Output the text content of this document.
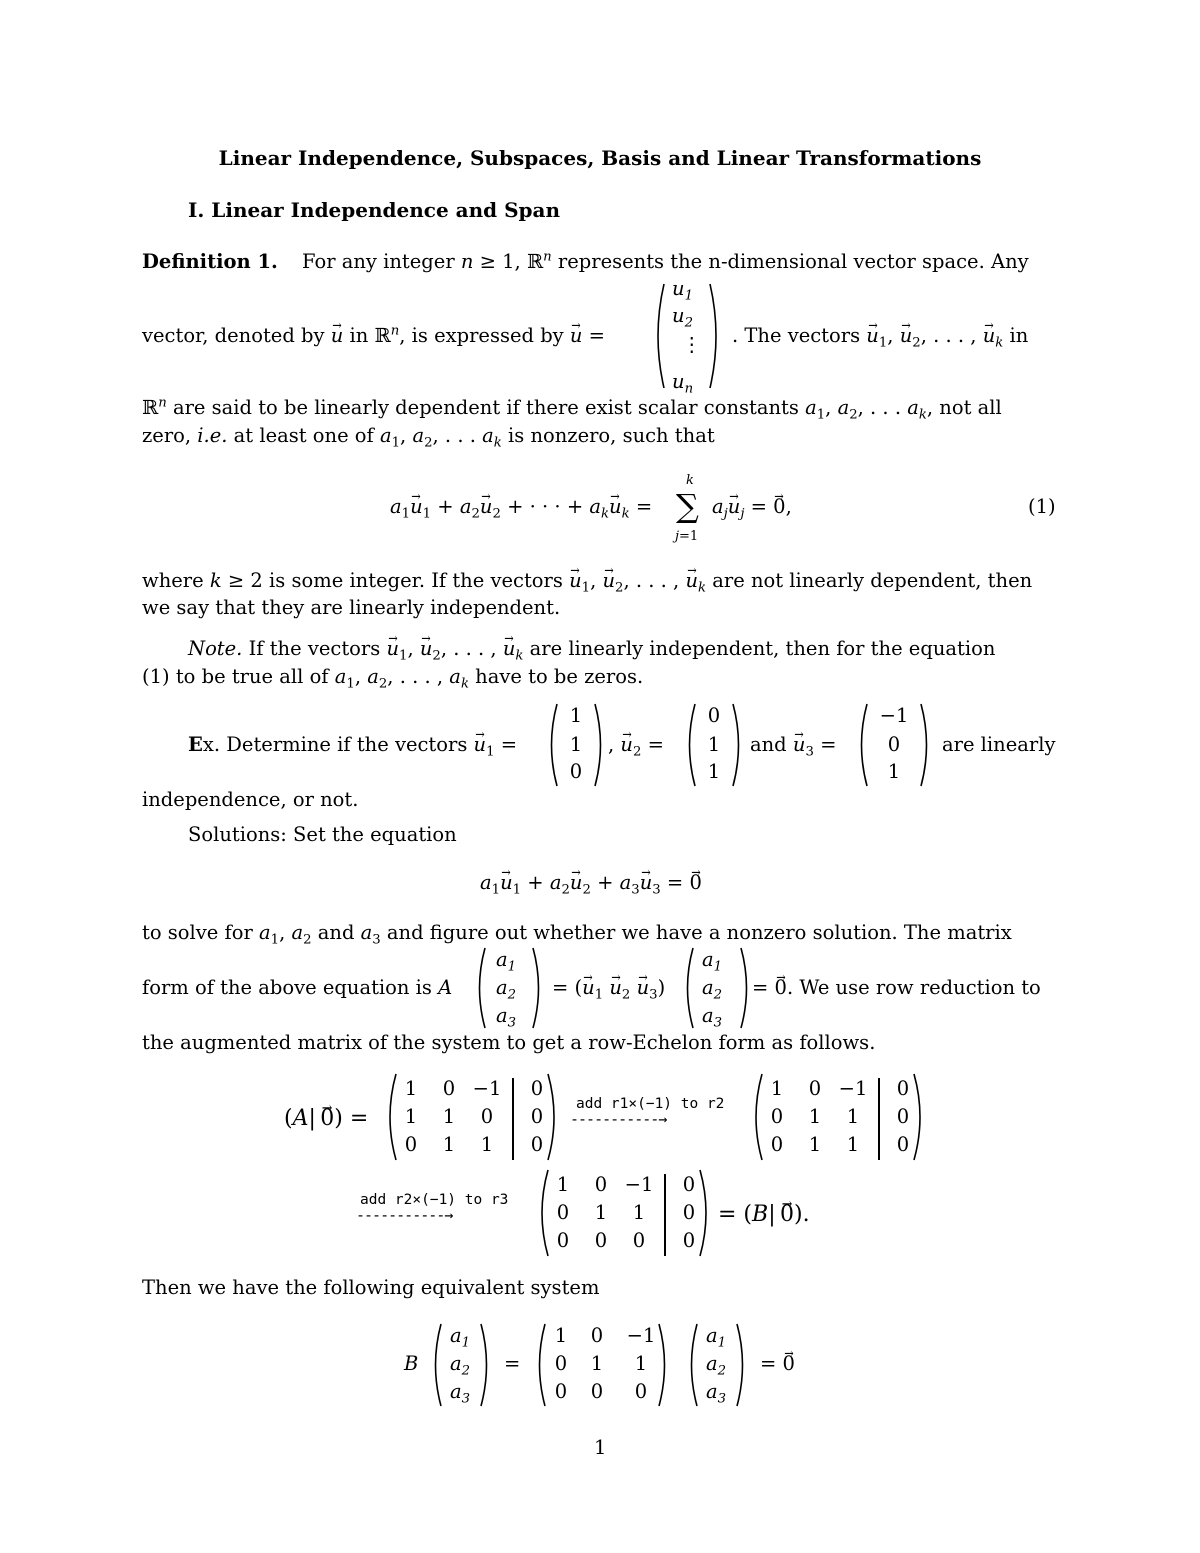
Linear Independence, Subspaces, Basis and Linear Transformations
I. Linear Independence and Span
Definition 1. For any integer n ≥ 1, ℝ$^n$ represents the n-dimensional vector space. Any
vector, denoted by → u in ℝ$^n$, is expressed by → u =
$u_1$
$u_2$
⋮
$u_n$
. The vectors → $u_1$, → $u_2$, . . . , → $u_k$ in
ℝ$^n$ are said to be linearly dependent if there exist scalar constants $a_1$, $a_2$, . . . $a_k$, not all
zero, i.e. at least one of $a_1$, $a_2$, . . . $a_k$ is nonzero, such that
$a_1\to u_1 + a_2\to u_2$ + · · · + $a_k\to u_k$ =
k
∑
j=1
$a_j\to u_j$ = → 0,	(1)
where k ≥ 2 is some integer. If the vectors → $u_1$, → $u_2$, . . . , → $u_k$ are not linearly dependent, then
we say that they are linearly independent.
Note. If the vectors → $u_1$, → $u_2$, . . . , → $u_k$ are linearly independent, then for the equation
(1) to be true all of $a_1$, $a_2$, . . . , $a_k$ have to be zeros.
Ex. Determine if the vectors → $u_1$ =
1
1
0
, → $u_2$ =
0
1
1
and → $u_3$ =
−1
0
1
are linearly
independence, or not.
Solutions: Set the equation
$a_1\to u_1 + a_2\to u_2 + a_3\to u_3$ = → 0
to solve for $a_1$, $a_2$ and $a_3$ and figure out whether we have a nonzero solution. The matrix
form of the above equation is A
$a_1$
$a_2$
$a_3$
= (→ $u_1 \to u_2 \to u_3$)
$a_1$
$a_2$
$a_3$
= → 0. We use row reduction to
the augmented matrix of the system to get a row-Echelon form as follows.
(A| → 0) =
1	0 −1	0
1	1	0	0
0	1	1	0
add r1×(−1) to r2
-----------→
1	0 −1	0
0	1	1	0
0	1	1	0
add r2×(−1) to r3
-----------→
1	0 −1	0
0	1	1	0
0	0	0	0
= (B| → 0).
Then we have the following equivalent system
B
$a_1$
$a_2$
$a_3$
=
1	0	−1
0	1	1
0	0	0
$a_1$
$a_2$
$a_3$
= → 0
1
